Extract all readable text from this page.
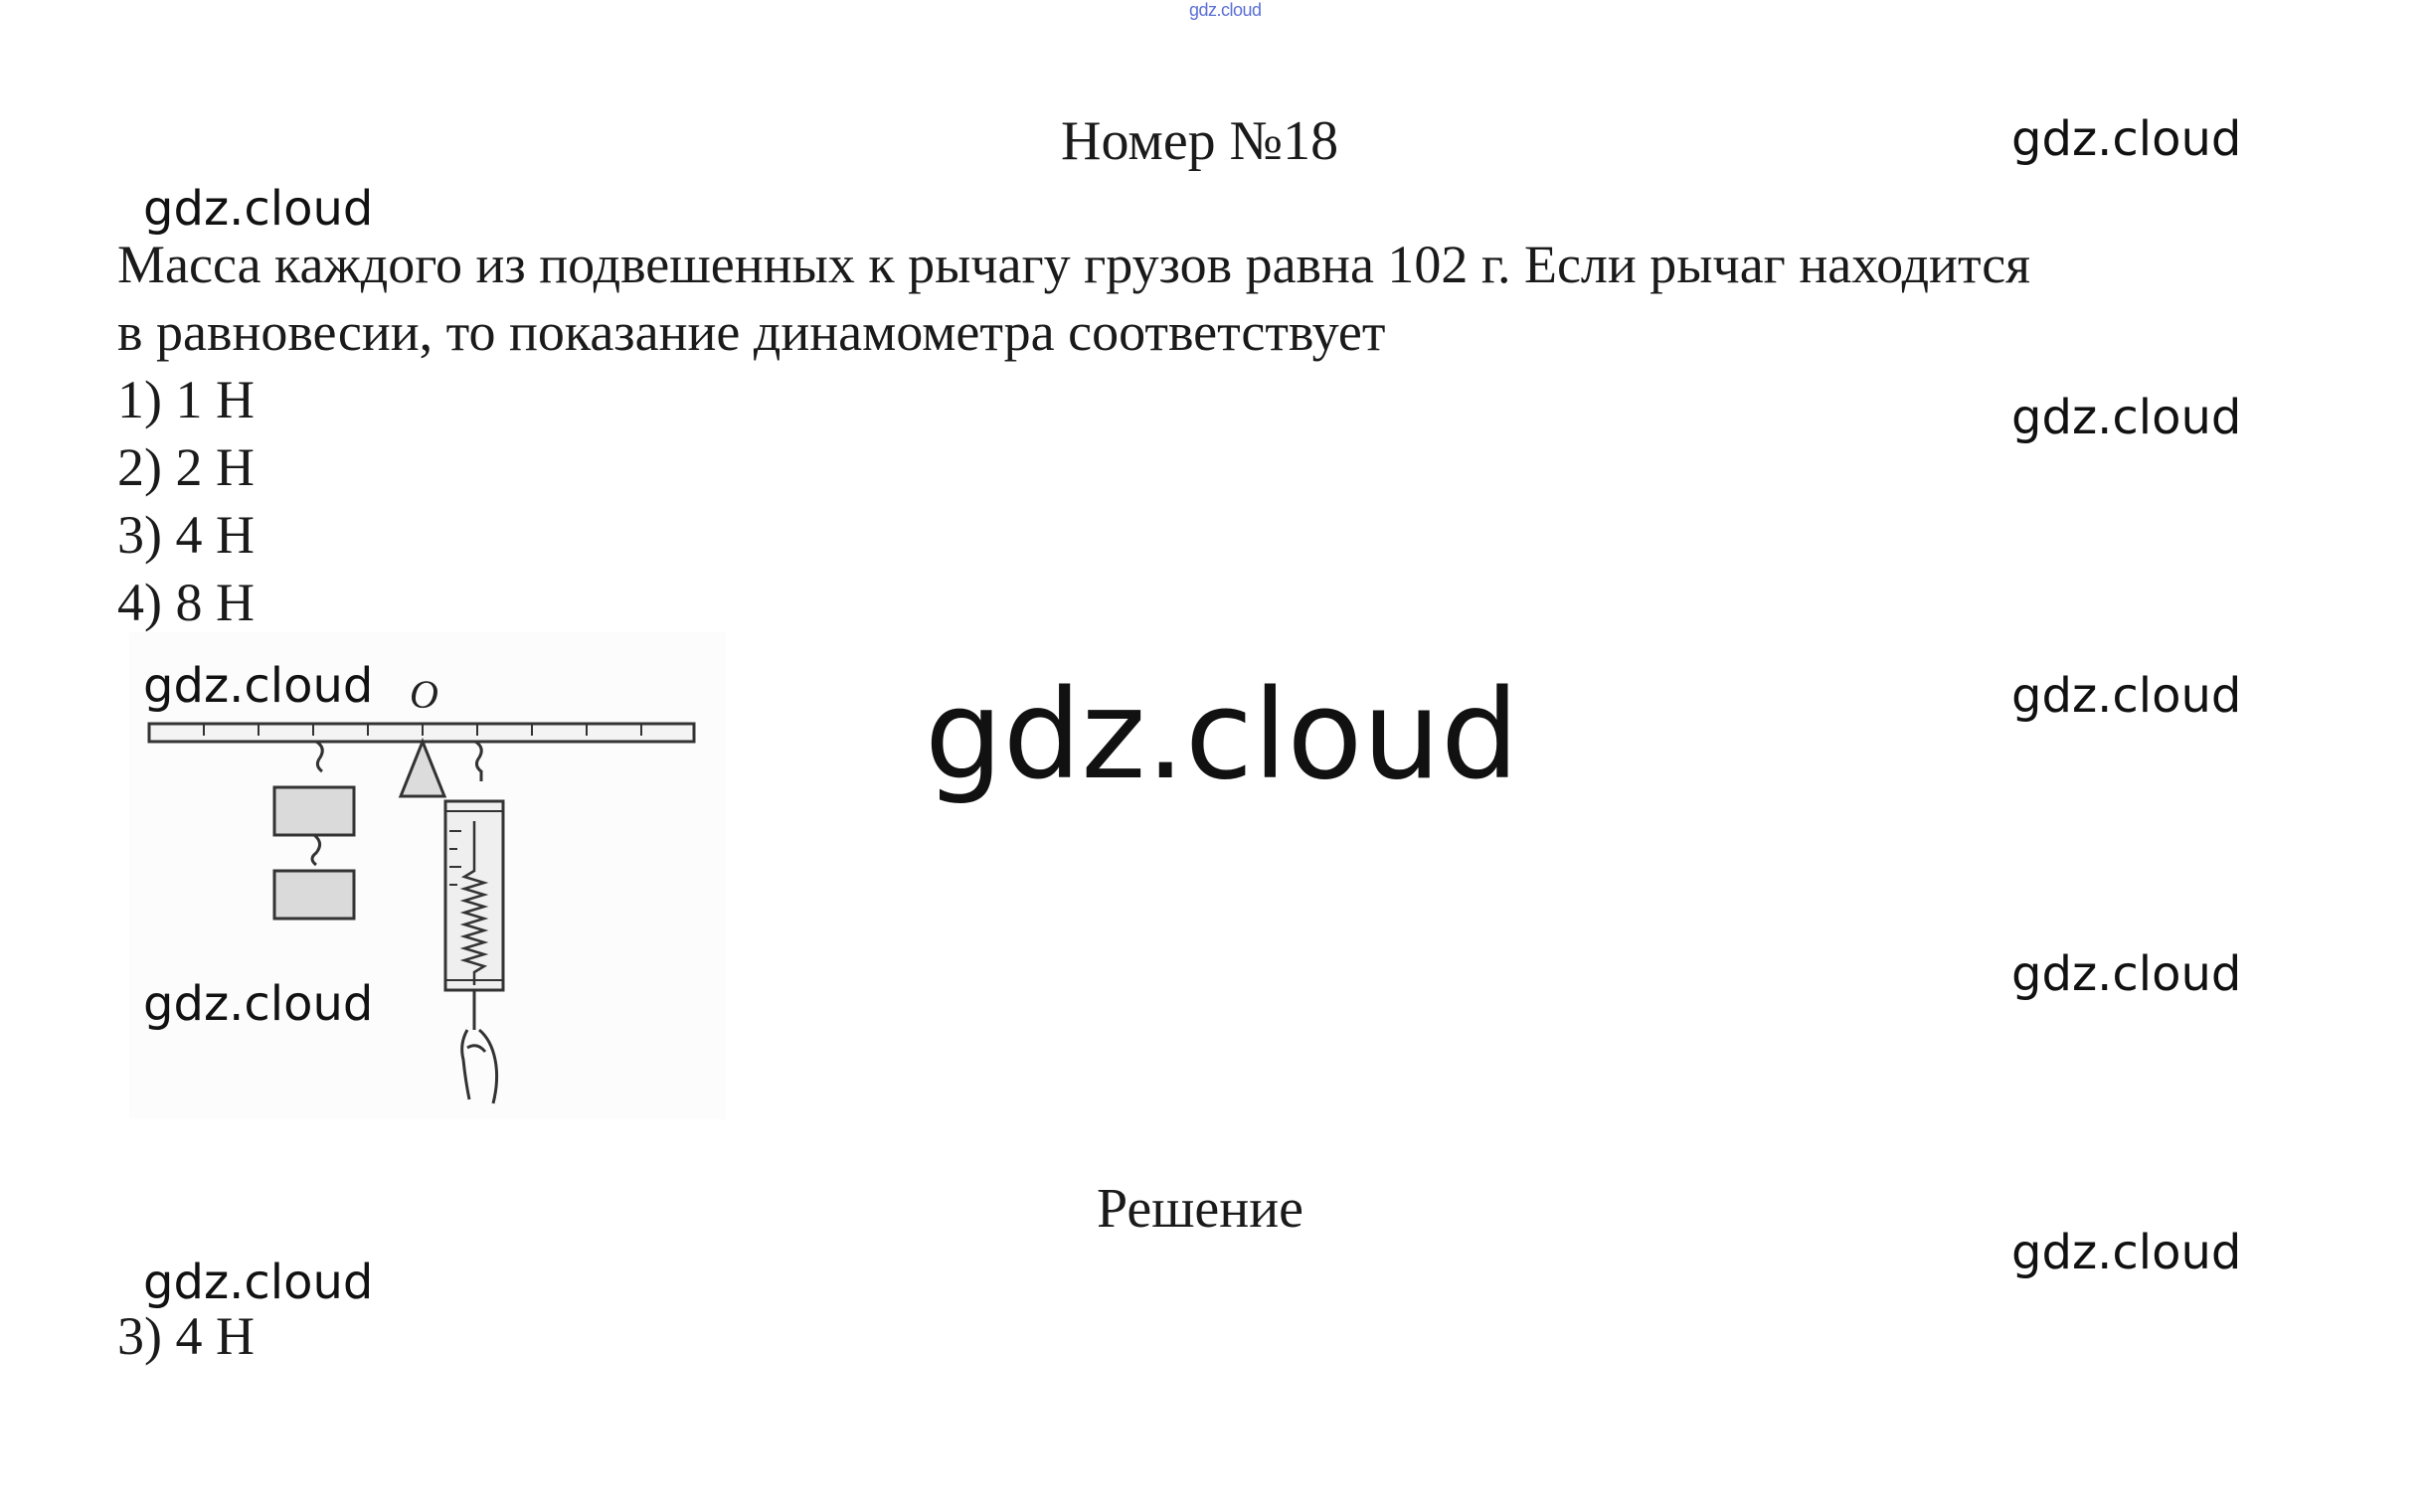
gdz.cloud
gdz.cloud
gdz.cloud
gdz.cloud
gdz.cloud
gdz.cloud
gdz.cloud
gdz.cloud
gdz.cloud
Номер №18
Масса каждого из подвешенных к рычагу грузов равна 102 г. Если рычаг находится
в равновесии, то показание динамометра соответствует
1) 1 Н
2) 2 Н
3) 4 Н
4) 8 Н
O
gdz.cloud
gdz.cloud
Решение
3) 4 Н
